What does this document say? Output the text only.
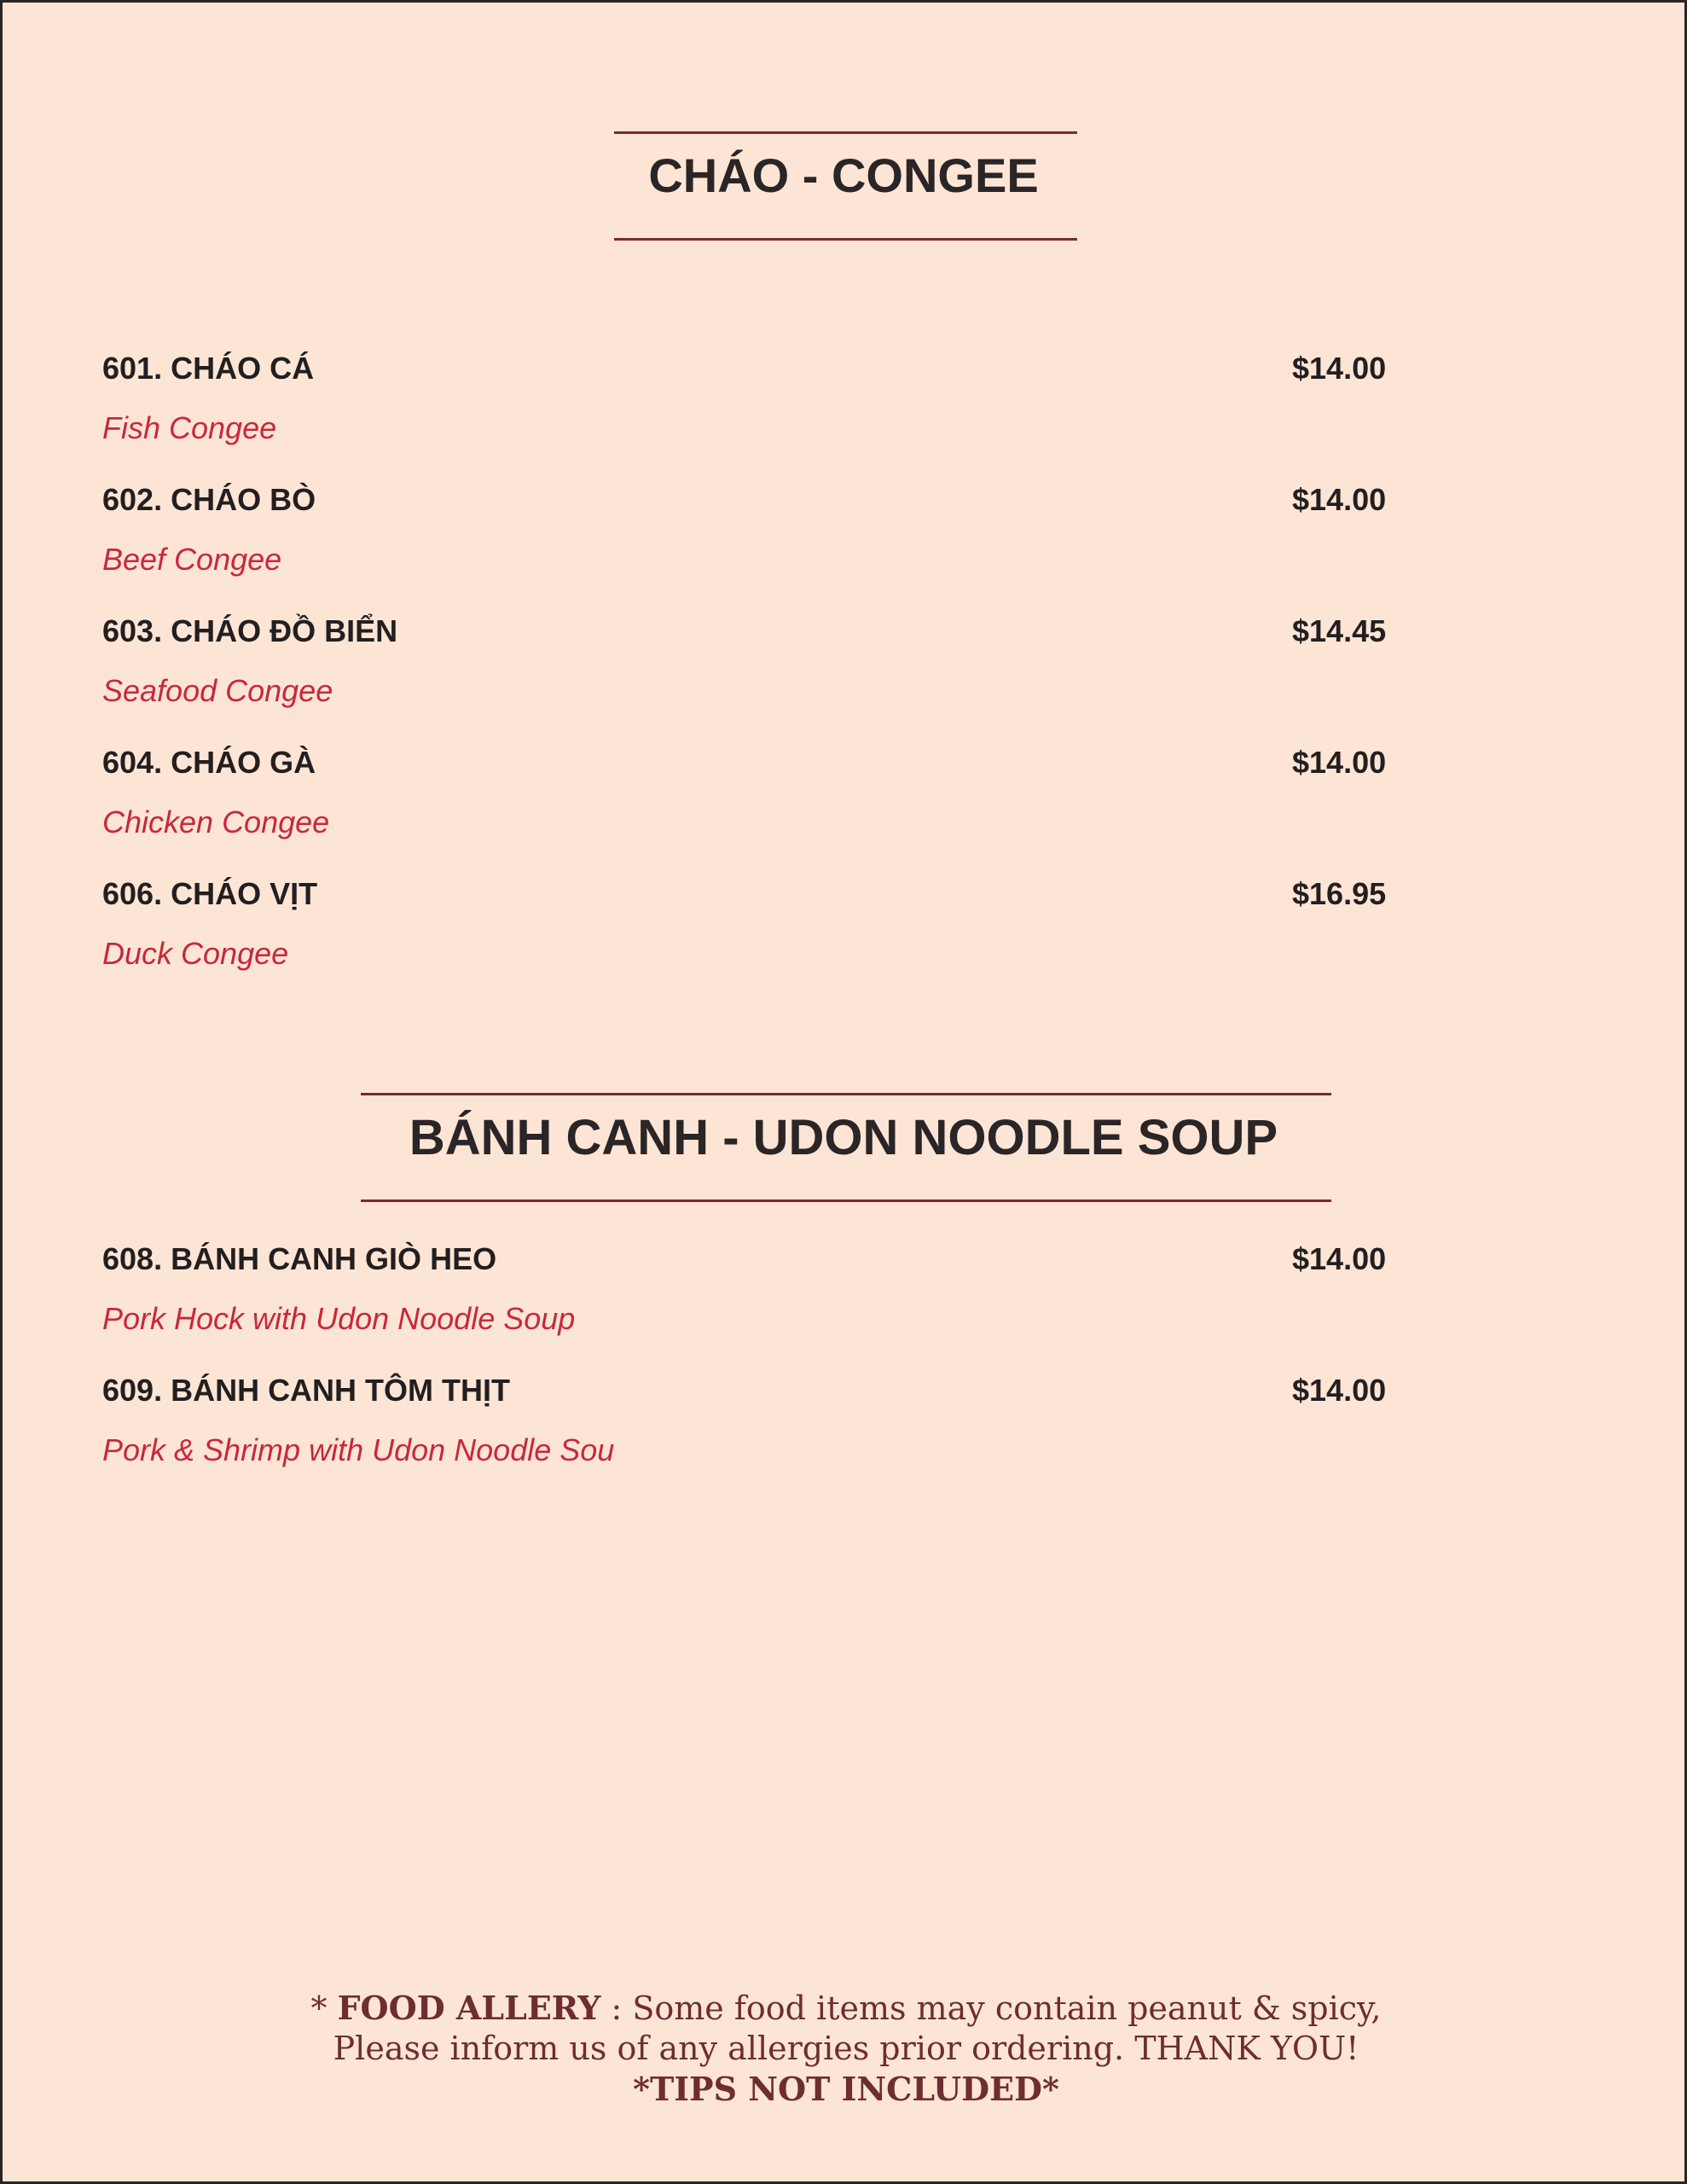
CHÁO - CONGEE
601. CHÁO CÁ	$14.00
Fish Congee
602. CHÁO BÒ	$14.00
Beef Congee
603. CHÁO ĐỒ BIỂN	$14.45
Seafood Congee
604. CHÁO GÀ	$14.00
Chicken Congee
606. CHÁO VỊT	$16.95
Duck Congee
BÁNH CANH - UDON NOODLE SOUP
608. BÁNH CANH GIÒ HEO	$14.00
Pork Hock with Udon Noodle Soup
609. BÁNH CANH TÔM THỊT	$14.00
Pork & Shrimp with Udon Noodle Sou
* FOOD ALLERY : Some food items may contain peanut & spicy,
Please inform us of any allergies prior ordering. THANK YOU!
*TIPS NOT INCLUDED*
